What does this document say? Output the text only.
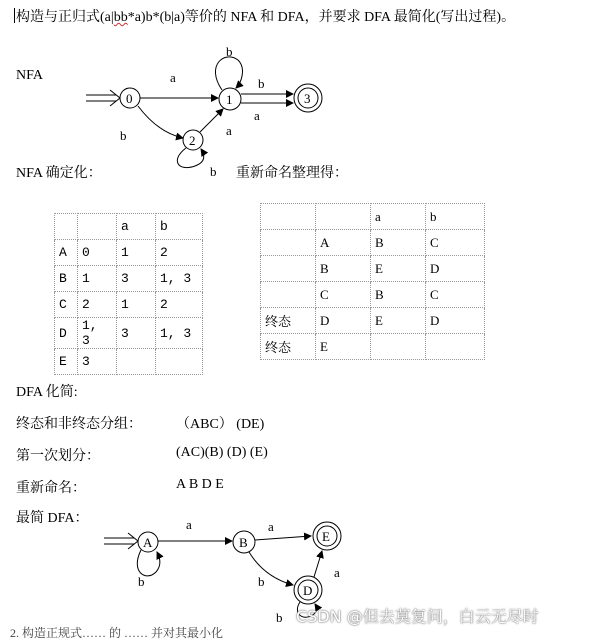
构造与正归式(a|bb*a)b*(b|a)等价的 NFA 和 DFA，并要求 DFA 最简化(写出过程)。
NFA
0	1
2
3
a
b
b
a
b	a
b
A	B	E
D
a
b
a
b
a
b
NFA 确定化：	重新命名整理得：
		a	b
A	0	1	2
B	1	3	1, 3
C	2	1	2
D	1, 3	3	1, 3
E	3		
		a	b
	A	B	C
	B	E	D
	C	B	C
终态	D	E	D
终态	E		
DFA 化简:
终态和非终态分组： （ABC） (DE)
第一次划分：	(AC)(B) (D) (E)
重新命名：	A B D E
最简 DFA：
2. 构造正规式…… 的 …… 并对其最小化
CSDN @但去莫复问，白云无尽时
